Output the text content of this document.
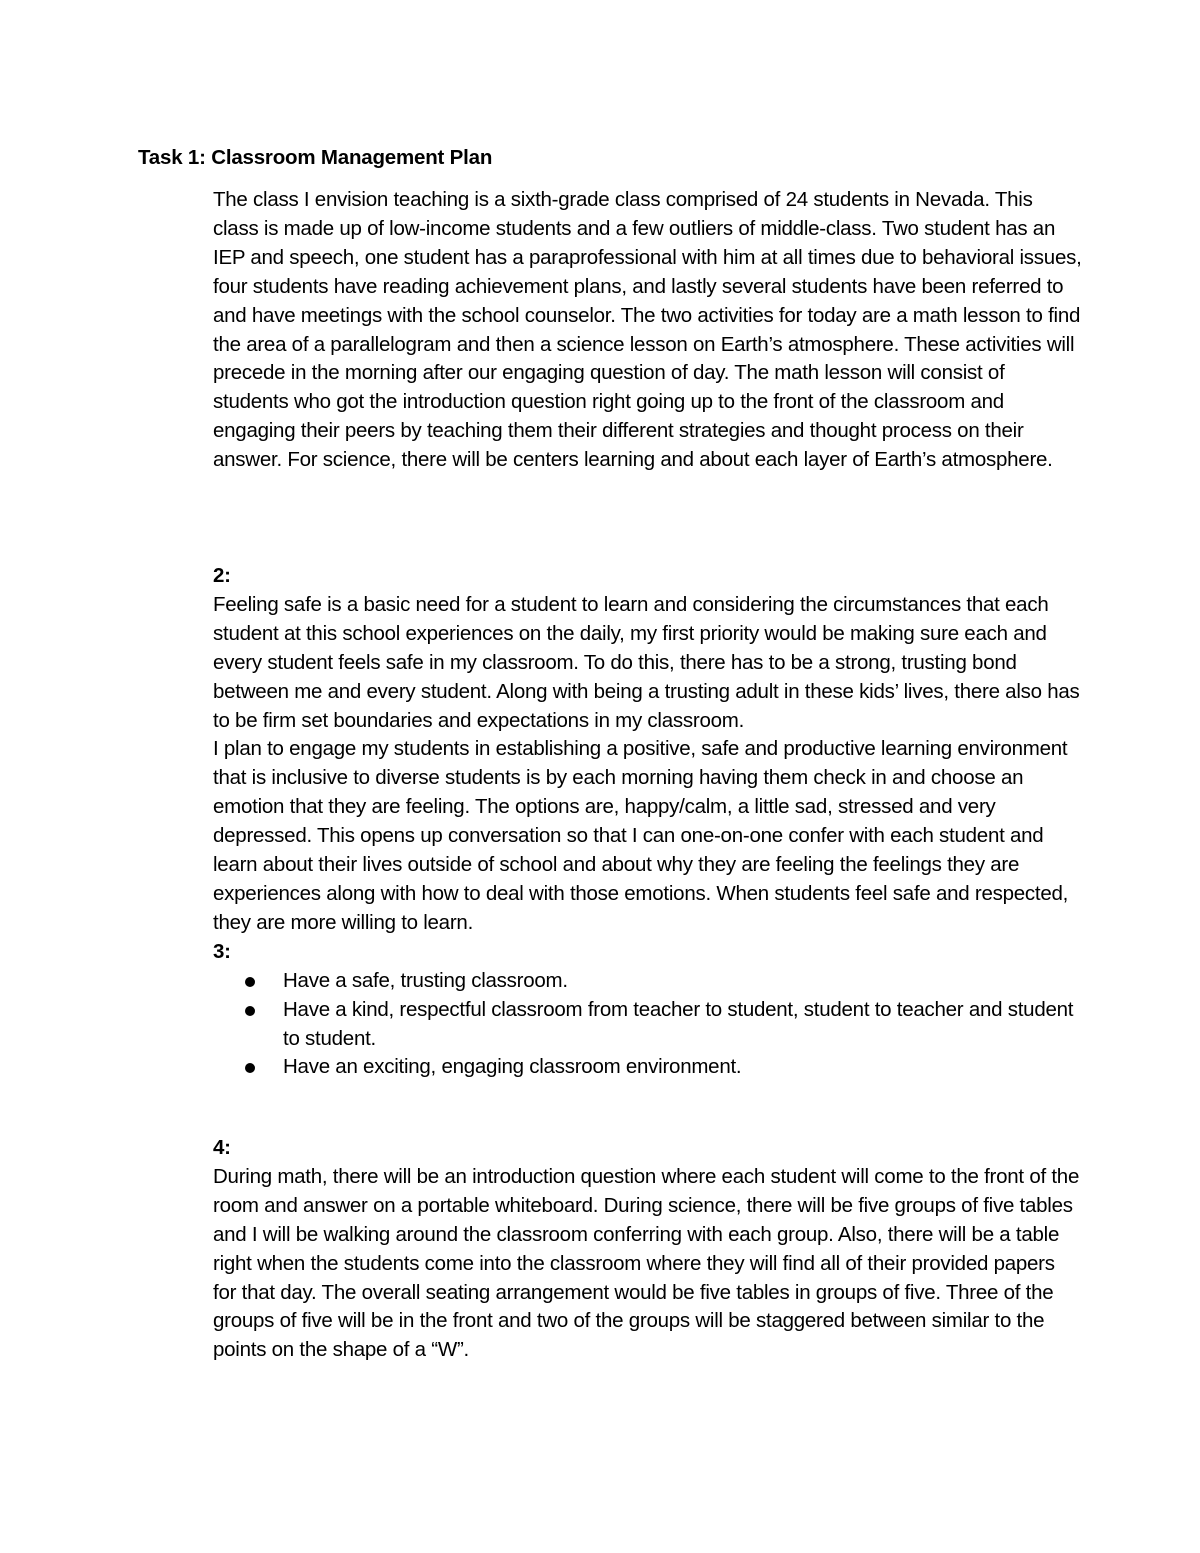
Task 1: Classroom Management Plan

The class I envision teaching is a sixth-grade class comprised of 24 students in Nevada. This class is made up of low-income students and a few outliers of middle-class. Two student has an IEP and speech, one student has a paraprofessional with him at all times due to behavioral issues, four students have reading achievement plans, and lastly several students have been referred to and have meetings with the school counselor. The two activities for today are a math lesson to find the area of a parallelogram and then a science lesson on Earth’s atmosphere. These activities will precede in the morning after our engaging question of day. The math lesson will consist of students who got the introduction question right going up to the front of the classroom and engaging their peers by teaching them their different strategies and thought process on their answer. For science, there will be centers learning and about each layer of Earth’s atmosphere.

2:

Feeling safe is a basic need for a student to learn and considering the circumstances that each student at this school experiences on the daily, my first priority would be making sure each and every student feels safe in my classroom. To do this, there has to be a strong, trusting bond between me and every student. Along with being a trusting adult in these kids’ lives, there also has to be firm set boundaries and expectations in my classroom.

I plan to engage my students in establishing a positive, safe and productive learning environment that is inclusive to diverse students is by each morning having them check in and choose an emotion that they are feeling. The options are, happy/calm, a little sad, stressed and very depressed. This opens up conversation so that I can one-on-one confer with each student and learn about their lives outside of school and about why they are feeling the feelings they are experiences along with how to deal with those emotions. When students feel safe and respected, they are more willing to learn.

3:

Have a safe, trusting classroom.
Have a kind, respectful classroom from teacher to student, student to teacher and student to student.
Have an exciting, engaging classroom environment.

4:

During math, there will be an introduction question where each student will come to the front of the room and answer on a portable whiteboard. During science, there will be five groups of five tables and I will be walking around the classroom conferring with each group. Also, there will be a table right when the students come into the classroom where they will find all of their provided papers for that day. The overall seating arrangement would be five tables in groups of five. Three of the groups of five will be in the front and two of the groups will be staggered between similar to the points on the shape of a “W”.
